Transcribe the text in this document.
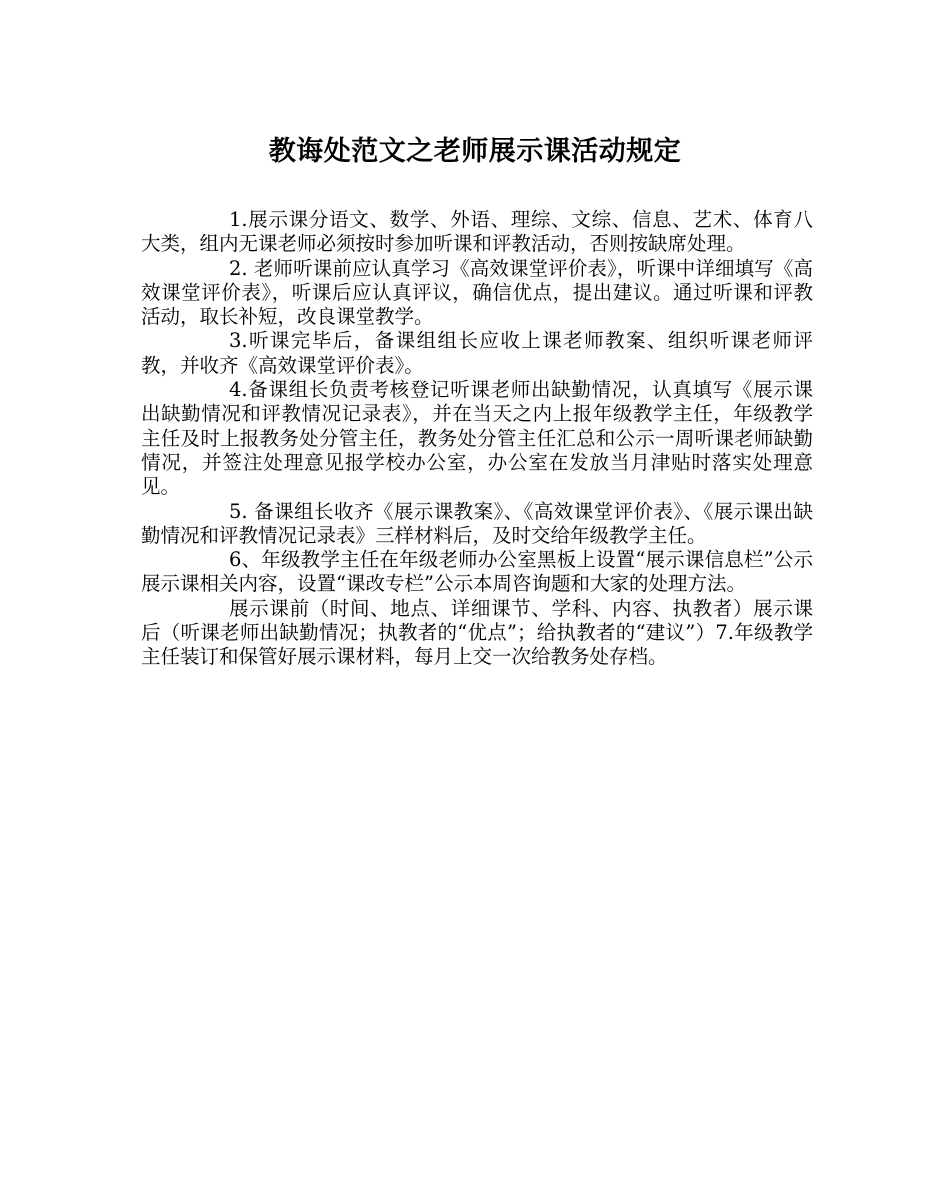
教诲处范文之老师展示课活动规定

1.展示课分语文、数学、外语、理综、文综、信息、艺术、体育八大类，组内无课老师必须按时参加听课和评教活动，否则按缺席处理。

2. 老师听课前应认真学习《高效课堂评价表》，听课中详细填写《高效课堂评价表》，听课后应认真评议，确信优点，提出建议。通过听课和评教活动，取长补短，改良课堂教学。

3.听课完毕后，备课组组长应收上课老师教案、组织听课老师评教，并收齐《高效课堂评价表》。

4.备课组长负责考核登记听课老师出缺勤情况，认真填写《展示课出缺勤情况和评教情况记录表》，并在当天之内上报年级教学主任，年级教学主任及时上报教务处分管主任，教务处分管主任汇总和公示一周听课老师缺勤情况，并签注处理意见报学校办公室，办公室在发放当月津贴时落实处理意见。

5. 备课组长收齐《展示课教案》、《高效课堂评价表》、《展示课出缺勤情况和评教情况记录表》三样材料后，及时交给年级教学主任。

6、年级教学主任在年级老师办公室黑板上设置“展示课信息栏”公示展示课相关内容，设置“课改专栏”公示本周咨询题和大家的处理方法。

展示课前（时间、地点、详细课节、学科、内容、执教者）展示课后（听课老师出缺勤情况；执教者的“优点”；给执教者的“建议”）7.年级教学主任装订和保管好展示课材料，每月上交一次给教务处存档。
